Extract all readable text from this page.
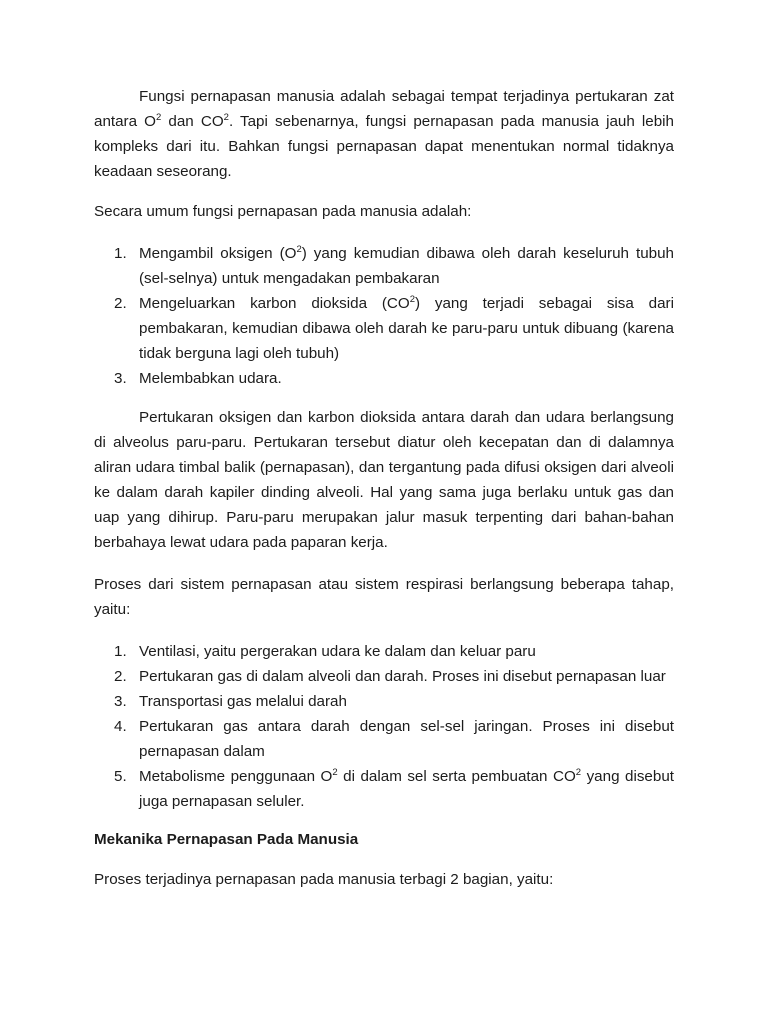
Fungsi pernapasan manusia adalah sebagai tempat terjadinya pertukaran zat antara $O^2$ dan $CO^2$. Tapi sebenarnya, fungsi pernapasan pada manusia jauh lebih kompleks dari itu. Bahkan fungsi pernapasan dapat menentukan normal tidaknya keadaan seseorang.

Secara umum fungsi pernapasan pada manusia adalah:

1. Mengambil oksigen $(O^2)$ yang kemudian dibawa oleh darah keseluruh tubuh (sel-selnya) untuk mengadakan pembakaran
2. Mengeluarkan karbon dioksida $(CO^2)$ yang terjadi sebagai sisa dari pembakaran, kemudian dibawa oleh darah ke paru-paru untuk dibuang (karena tidak berguna lagi oleh tubuh)
3. Melembabkan udara.

Pertukaran oksigen dan karbon dioksida antara darah dan udara berlangsung di alveolus paru-paru. Pertukaran tersebut diatur oleh kecepatan dan di dalamnya aliran udara timbal balik (pernapasan), dan tergantung pada difusi oksigen dari alveoli ke dalam darah kapiler dinding alveoli. Hal yang sama juga berlaku untuk gas dan uap yang dihirup. Paru-paru merupakan jalur masuk terpenting dari bahan-bahan berbahaya lewat udara pada paparan kerja.

Proses dari sistem pernapasan atau sistem respirasi berlangsung beberapa tahap, yaitu:

1. Ventilasi, yaitu pergerakan udara ke dalam dan keluar paru
2. Pertukaran gas di dalam alveoli dan darah. Proses ini disebut pernapasan luar
3. Transportasi gas melalui darah
4. Pertukaran gas antara darah dengan sel-sel jaringan. Proses ini disebut pernapasan dalam
5. Metabolisme penggunaan $O^2$ di dalam sel serta pembuatan $CO^2$ yang disebut juga pernapasan seluler.

Mekanika Pernapasan Pada Manusia

Proses terjadinya pernapasan pada manusia terbagi 2 bagian, yaitu:
